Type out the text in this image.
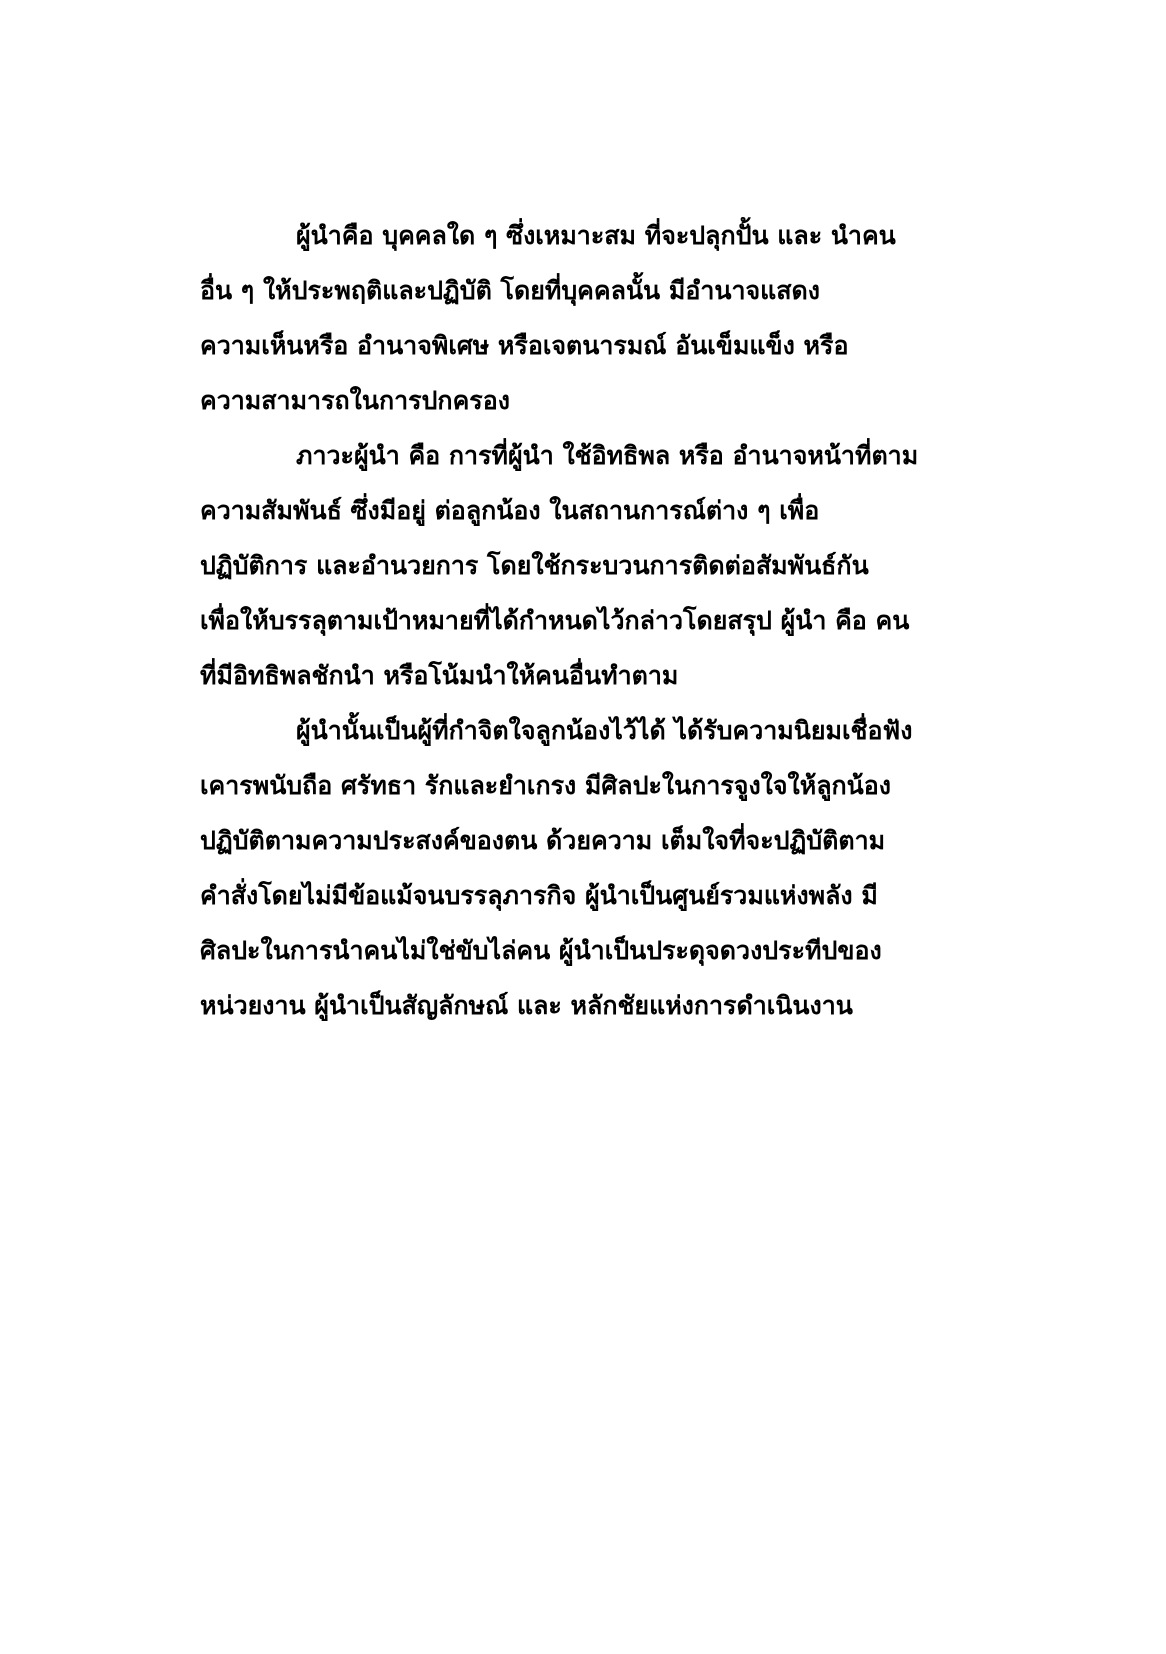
ผู้นำคือ บุคคลใด ๆ ซึ่งเหมาะสม ที่จะปลุกปั้น และ นำคน
อื่น ๆ ให้ประพฤติและปฏิบัติ โดยที่บุคคลนั้น มีอำนาจแสดง
ความเห็นหรือ อำนาจพิเศษ หรือเจตนารมณ์ อันเข็มแข็ง หรือ
ความสามารถในการปกครอง
ภาวะผู้นำ คือ การที่ผู้นำ ใช้อิทธิพล หรือ อำนาจหน้าที่ตาม
ความสัมพันธ์ ซึ่งมีอยู่ ต่อลูกน้อง ในสถานการณ์ต่าง ๆ เพื่อ
ปฏิบัติการ และอำนวยการ โดยใช้กระบวนการติดต่อสัมพันธ์กัน
เพื่อให้บรรลุตามเป้าหมายที่ได้กำหนดไว้กล่าวโดยสรุป ผู้นำ คือ คน
ที่มีอิทธิพลชักนำ หรือโน้มนำให้คนอื่นทำตาม
ผู้นำนั้นเป็นผู้ที่กำจิตใจลูกน้องไว้ได้ ได้รับความนิยมเชื่อฟัง
เคารพนับถือ ศรัทธา รักและยำเกรง มีศิลปะในการจูงใจให้ลูกน้อง
ปฏิบัติตามความประสงค์ของตน ด้วยความ เต็มใจที่จะปฏิบัติตาม
คำสั่งโดยไม่มีข้อแม้จนบรรลุภารกิจ ผู้นำเป็นศูนย์รวมแห่งพลัง มี
ศิลปะในการนำคนไม่ใช่ขับไล่คน ผู้นำเป็นประดุจดวงประทีปของ
หน่วยงาน ผู้นำเป็นสัญลักษณ์ และ หลักชัยแห่งการดำเนินงาน
